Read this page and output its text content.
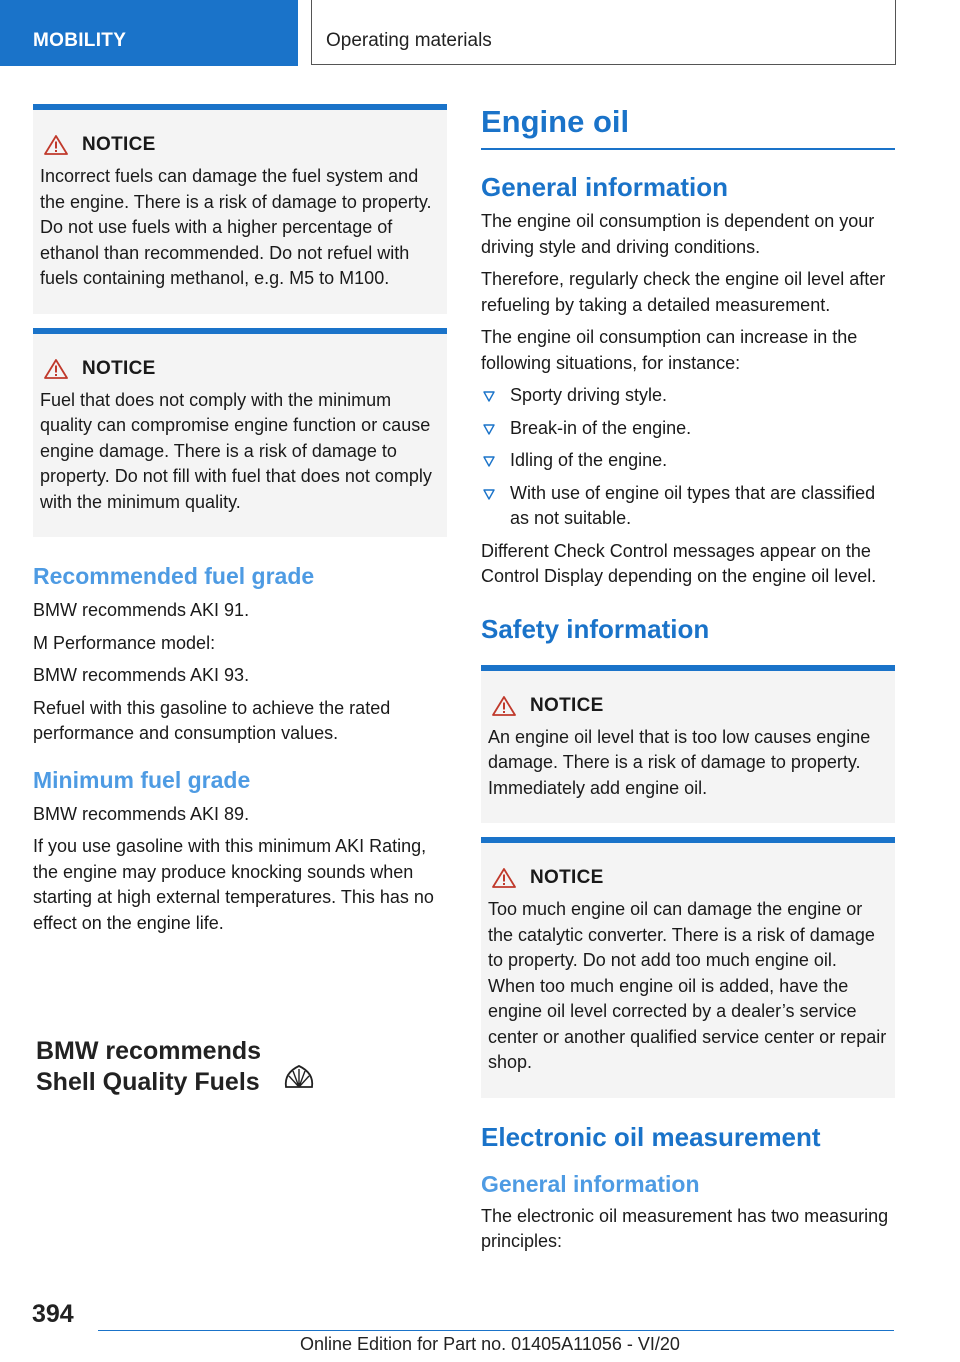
MOBILITY	Operating materials
NOTICE
Incorrect fuels can damage the fuel system and the engine. There is a risk of damage to property. Do not use fuels with a higher percentage of ethanol than recommended. Do not refuel with fuels containing methanol, e.g. M5 to M100.
NOTICE
Fuel that does not comply with the minimum quality can compromise engine function or cause engine damage. There is a risk of damage to property. Do not fill with fuel that does not comply with the minimum quality.
Recommended fuel grade

BMW recommends AKI 91.

M Performance model:

BMW recommends AKI 93.

Refuel with this gasoline to achieve the rated performance and consumption values.

Minimum fuel grade

BMW recommends AKI 89.

If you use gasoline with this minimum AKI Rating, the engine may produce knocking sounds when starting at high external temperatures. This has no effect on the engine life.

BMW recommends
Shell Quality Fuels
Engine oil
General information

The engine oil consumption is dependent on your driving style and driving conditions.

Therefore, regularly check the engine oil level after refueling by taking a detailed measurement.

The engine oil consumption can increase in the following situations, for instance:

Sporty driving style.
Break-in of the engine.
Idling of the engine.
With use of engine oil types that are classified as not suitable.

Different Check Control messages appear on the Control Display depending on the engine oil level.

Safety information
NOTICE
An engine oil level that is too low causes engine damage. There is a risk of damage to property. Immediately add engine oil.
NOTICE
Too much engine oil can damage the engine or the catalytic converter. There is a risk of damage to property. Do not add too much engine oil. When too much engine oil is added, have the engine oil level corrected by a dealer’s service center or another qualified service center or repair shop.
Electronic oil measurement
General information

The electronic oil measurement has two measuring principles:

394
Online Edition for Part no. 01405A11056 - VI/20
